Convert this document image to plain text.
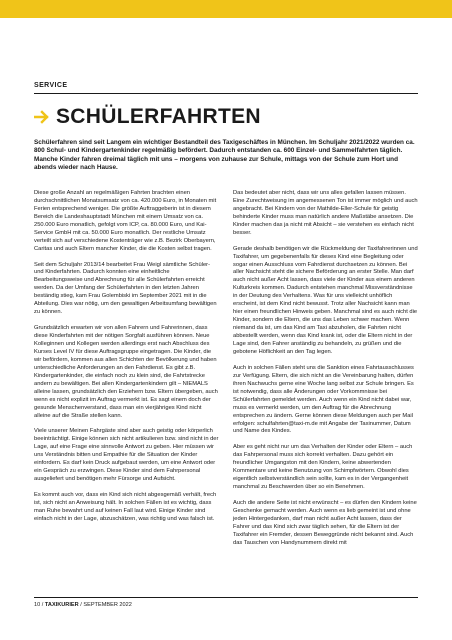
SERVICE
SCHÜLERFAHRTEN
Schülerfahren sind seit Langem ein wichtiger Bestandteil des Taxigeschäftes in München. Im Schuljahr 2021/2022 wurden ca. 800 Schul- und Kindergartenkinder regelmäßig befördert. Dadurch entstanden ca. 600 Einzel- und Sammelfahrten täglich. Manche Kinder fahren dreimal täglich mit uns – morgens von zuhause zur Schule, mittags von der Schule zum Hort und abends wieder nach Hause.

Diese große Anzahl an regelmäßigen Fahrten brachten einen durchschnittlichen Monatsumsatz von ca. 420.000 Euro, in Monaten mit Ferien entsprechend weniger. Die größte Auftraggeberin ist in diesem Bereich die Landeshauptstadt München mit einem Umsatz von ca. 250.000 Euro monatlich, gefolgt vom ICP, ca. 80.000 Euro, und Kai-Service GmbH mit ca. 50.000 Euro monatlich. Der restliche Umsatz verteilt sich auf verschiedene Kostenträger wie z.B. Bezirk Oberbayern, Caritas und auch Eltern mancher Kinder, die die Kosten selbst tragen.

Seit dem Schuljahr 2013/14 bearbeitet Frau Weigl sämtliche Schüler- und Kinderfahrten. Dadurch konnten eine einheitliche Bearbeitungsweise und Abrechnung für alle Schülerfahrten erreicht werden. Da der Umfang der Schülerfahrten in den letzten Jahren beständig stieg, kam Frau Golembiski im September 2021 mit in die Abteilung. Dies war nötig, um den gewaltigen Arbeitsumfang bewältigen zu können.

Grundsätzlich erwarten wir von allen Fahrern und Fahrerinnen, dass diese Kinderfahrten mit der nötigen Sorgfalt ausführen können. Neue Kolleginnen und Kollegen werden allerdings erst nach Abschluss des Kurses Level IV für diese Auftragsgruppe eingetragen. Die Kinder, die wir befördern, kommen aus allen Schichten der Bevölkerung und haben unterschiedliche Anforderungen an den Fahrdienst. Es gibt z.B. Kindergartenkinder, die einfach noch zu klein sind, die Fahrtstrecke andern zu bewältigen. Bei allen Kindergartenkindern gilt – NIEMALS alleine lassen, grundsätzlich den Erziehern bzw. Eltern übergeben, auch wenn es nicht explizit im Auftrag vermerkt ist. Es sagt einem doch der gesunde Menschenverstand, dass man ein vierjähriges Kind nicht alleine auf die Straße stellen kann.

Viele unserer Meinen Fahrgäste sind aber auch geistig oder körperlich beeinträchtigt. Einige können sich nicht artikulieren bzw. sind nicht in der Lage, auf eine Frage eine sinnvolle Antwort zu geben. Hier müssen wir uns Verständnis bitten und Empathie für die Situation der Kinder einfordern. Es darf kein Druck aufgebaut werden, um eine Antwort oder ein Gespräch zu erzwingen. Diese Kinder sind dem Fahrpersonal ausgeliefert und benötigen mehr Fürsorge und Aufsicht.

Es kommt auch vor, dass ein Kind sich nicht abgesgemäß verhält, frech ist, sich nicht an Anweisung hält. In solchen Fällen ist es wichtig, dass man Ruhe bewahrt und auf keinen Fall laut wird. Einige Kinder sind einfach nicht in der Lage, abzuschätzen, was richtig und was falsch ist.

Das bedeutet aber nicht, dass wir uns alles gefallen lassen müssen. Eine Zurechtweisung im angemessenen Ton ist immer möglich und auch angebracht. Bei Kindern von der Mathilde-Eller-Schule für geistig behinderte Kinder muss man natürlich andere Maßstäbe ansetzen. Die Kinder machen das ja nicht mit Absicht – sie verstehen es einfach nicht besser.

Gerade deshalb benötigen wir die Rückmeldung der Taxifahrerinnen und Taxifahrer, um gegebenenfalls für dieses Kind eine Begleitung oder sogar einen Ausschluss vom Fahrdienst durchsetzen zu können. Bei aller Nachsicht steht die sichere Beförderung an erster Stelle. Man darf auch nicht außer Acht lassen, dass viele der Kinder aus einem anderen Kulturkreis kommen. Dadurch entstehen manchmal Missverständnisse in der Deutung des Verhaltens. Was für uns vielleicht unhöflich erscheint, ist dem Kind nicht bewusst. Trotz aller Nachsicht kann man hier einen freundlichen Hinweis geben. Manchmal sind es auch nicht die Kinder, sondern die Eltern, die uns das Leben schwer machen. Wenn niemand da ist, um das Kind am Taxi abzuholen, die Fahrten nicht abbestellt werden, wenn das Kind krank ist, oder die Eltern nicht in der Lage sind, den Fahrer anständig zu behandeln, zu grüßen und die gebotene Höflichkeit an den Tag legen.

Auch in solchen Fällen steht uns die Sanktion eines Fahrtausschlusses zur Verfügung. Eltern, die sich nicht an die Vereinbarung halten, dürfen ihren Nachwuchs gerne eine Woche lang selbst zur Schule bringen. Es ist notwendig, dass alle Änderungen oder Vorkommnisse bei Schülerfahrten gemeldet werden. Auch wenn ein Kind nicht dabei war, muss es vermerkt werden, um den Auftrag für die Abrechnung entsprechen zu ändern. Gerne können diese Meldungen auch per Mail erfolgen: schulfahrten@taxi-m.de mit Angabe der Taxinummer, Datum und Name des Kindes.

Aber es geht nicht nur um das Verhalten der Kinder oder Eltern – auch das Fahrpersonal muss sich korrekt verhalten. Dazu gehört ein freundlicher Umgangston mit den Kindern, keine abwertenden Kommentare und keine Benutzung von Schimpfwörtern. Obwohl dies eigentlich selbstverständlich sein sollte, kam es in der Vergangenheit manchmal zu Beschwerden über so ein Benehmen.

Auch die andere Seite ist nicht erwünscht – es dürfen den Kindern keine Geschenke gemacht werden. Auch wenn es lieb gemeint ist und ohne jeden Hintergedanken, darf man nicht außer Acht lassen, dass der Fahrer und das Kind sich zwar täglich sehen, für die Eltern ist der Taxifahrer ein Fremder, dessen Beweggründe nicht bekannt sind. Auch das Tauschen von Handynummern direkt mit

10 / TAXIKURIER / SEPTEMBER 2022
